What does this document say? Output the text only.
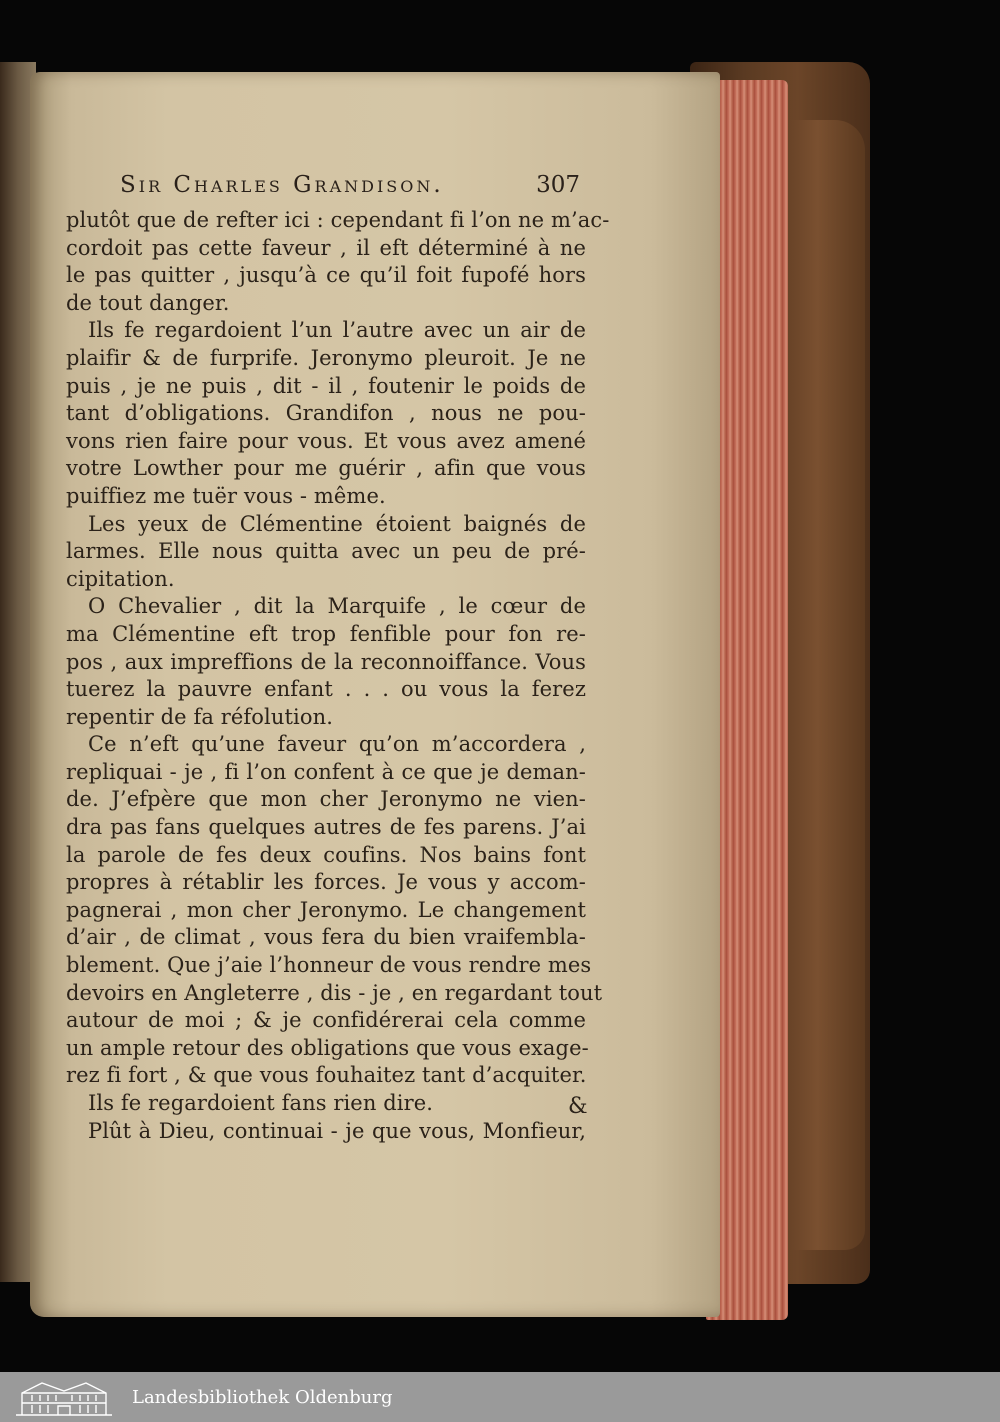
Sir Charles Grandison.	307
plutôt que de refter ici : cependant fi l’on ne m’ac-
cordoit pas cette faveur , il eft déterminé à ne
le pas quitter , jusqu’à ce qu’il foit fupofé hors
de tout danger.
Ils fe regardoient l’un l’autre avec un air de
plaifir & de furprife. Jeronymo pleuroit. Je ne
puis , je ne puis , dit - il , foutenir le poids de
tant d’obligations. Grandifon , nous ne pou-
vons rien faire pour vous. Et vous avez amené
votre Lowther pour me guérir , afin que vous
puiffiez me tuër vous - même.
Les yeux de Clémentine étoient baignés de
larmes. Elle nous quitta avec un peu de pré-
cipitation.
O Chevalier , dit la Marquife , le cœur de
ma Clémentine eft trop fenfible pour fon re-
pos , aux impreffions de la reconnoiffance. Vous
tuerez la pauvre enfant . . . ou vous la ferez
repentir de fa réfolution.
Ce n’eft qu’une faveur qu’on m’accordera ,
repliquai - je , fi l’on confent à ce que je deman-
de. J’efpère que mon cher Jeronymo ne vien-
dra pas fans quelques autres de fes parens. J’ai
la parole de fes deux coufins. Nos bains font
propres à rétablir les forces. Je vous y accom-
pagnerai , mon cher Jeronymo. Le changement
d’air , de climat , vous fera du bien vraifembla-
blement. Que j’aie l’honneur de vous rendre mes
devoirs en Angleterre , dis - je , en regardant tout
autour de moi ; & je confidérerai cela comme
un ample retour des obligations que vous exage-
rez fi fort , & que vous fouhaitez tant d’acquiter.
Ils fe regardoient fans rien dire.
Plût à Dieu, continuai - je que vous, Monfieur,
&
Landesbibliothek Oldenburg
